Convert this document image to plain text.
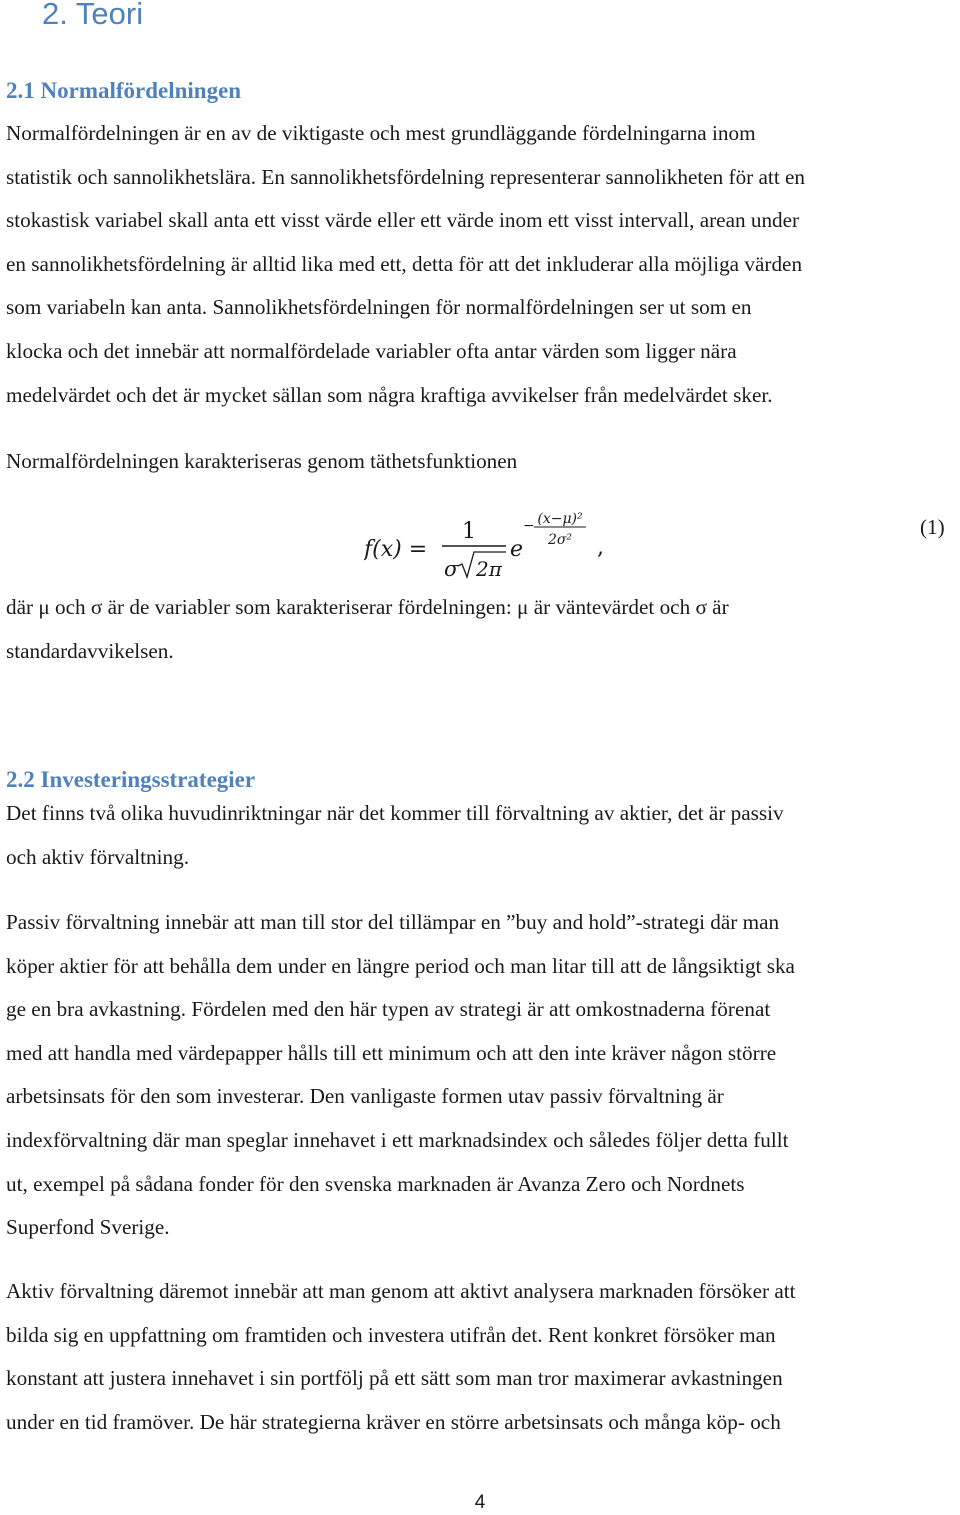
2. Teori
2.1 Normalfördelningen

Normalfördelningen är en av de viktigaste och mest grundläggande fördelningarna inom
statistik och sannolikhetslära. En sannolikhetsfördelning representerar sannolikheten för att en
stokastisk variabel skall anta ett visst värde eller ett värde inom ett visst intervall, arean under
en sannolikhetsfördelning är alltid lika med ett, detta för att det inkluderar alla möjliga värden
som variabeln kan anta. Sannolikhetsfördelningen för normalfördelningen ser ut som en
klocka och det innebär att normalfördelade variabler ofta antar värden som ligger nära
medelvärdet och det är mycket sällan som några kraftiga avvikelser från medelvärdet sker.

Normalfördelningen karakteriseras genom täthetsfunktionen

f(x) =
1
σ 2π
e
− (x−μ)²
2σ² ,
(1)

där μ och σ är de variabler som karakteriserar fördelningen: μ är väntevärdet och σ är
standardavvikelsen.

2.2 Investeringsstrategier

Det finns två olika huvudinriktningar när det kommer till förvaltning av aktier, det är passiv
och aktiv förvaltning.

Passiv förvaltning innebär att man till stor del tillämpar en ”buy and hold”-strategi där man
köper aktier för att behålla dem under en längre period och man litar till att de långsiktigt ska
ge en bra avkastning. Fördelen med den här typen av strategi är att omkostnaderna förenat
med att handla med värdepapper hålls till ett minimum och att den inte kräver någon större
arbetsinsats för den som investerar. Den vanligaste formen utav passiv förvaltning är
indexförvaltning där man speglar innehavet i ett marknadsindex och således följer detta fullt
ut, exempel på sådana fonder för den svenska marknaden är Avanza Zero och Nordnets
Superfond Sverige.

Aktiv förvaltning däremot innebär att man genom att aktivt analysera marknaden försöker att
bilda sig en uppfattning om framtiden och investera utifrån det. Rent konkret försöker man
konstant att justera innehavet i sin portfölj på ett sätt som man tror maximerar avkastningen
under en tid framöver. De här strategierna kräver en större arbetsinsats och många köp- och

4
